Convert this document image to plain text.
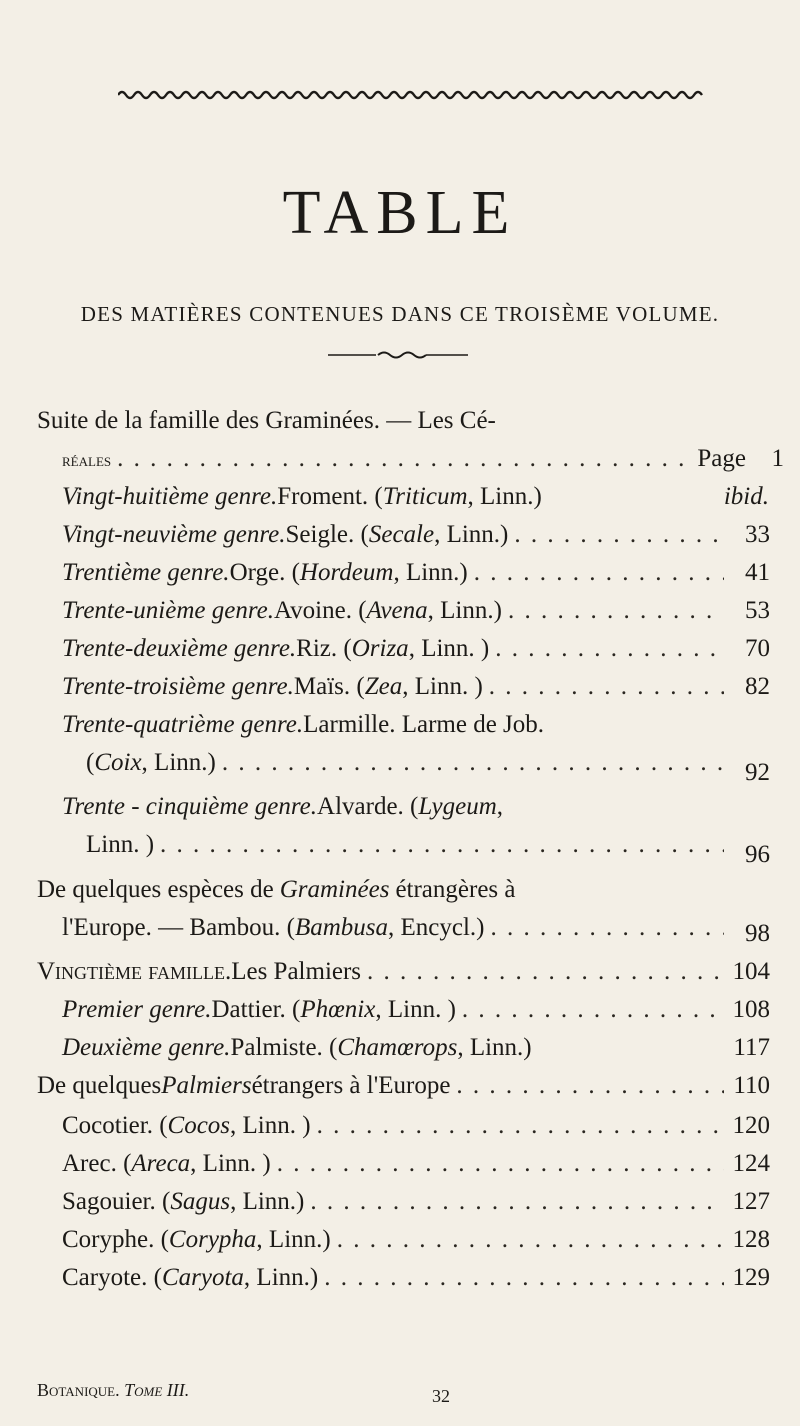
TABLE
DES MATIÈRES CONTENUES DANS CE TROISÈME VOLUME.
Suite de la famille des Graminées. — Les Cé-
réales . . .	Page	1
Vingt-huitième genre. Froment. ( Triticum , Linn.)	ibid.
Vingt-neuvième genre. Seigle. ( Secale , Linn.) . . .	33
Trentième genre. Orge. ( Hordeum , Linn.) . . .	41
Trente-unième genre. Avoine. ( Avena , Linn.) . . .	53
Trente-deuxième genre. Riz. ( Oriza , Linn. ) . . .	70
Trente-troisième genre. Maïs. ( Zea , Linn. ) . . .	82
Trente-quatrième genre. Larmille. Larme de Job.
( Coix , Linn.) . . .	92
Trente - cinquième genre. Alvarde. ( Lygeum ,
Linn. ) . . .	96
De quelques espèces de Graminées étrangères à
l'Europe. — Bambou. ( Bambusa , Encycl.) . . .	98
Vingtième famille. Les Palmiers . . .	104
Premier genre. Dattier. ( Phœnix , Linn. ) . . .	108
Deuxième genre. Palmiste. ( Chamœrops , Linn.)	117
De quelques Palmiers étrangers à l'Europe . . .	110
Cocotier. ( Cocos , Linn. ) . . .	120
Arec. ( Areca , Linn. ) . . .	124
Sagouier. ( Sagus , Linn.) . . .	127
Coryphe. ( Corypha , Linn.) . . .	128
Caryote. ( Caryota , Linn.) . . .	129
Botanique. Tome III.	32
